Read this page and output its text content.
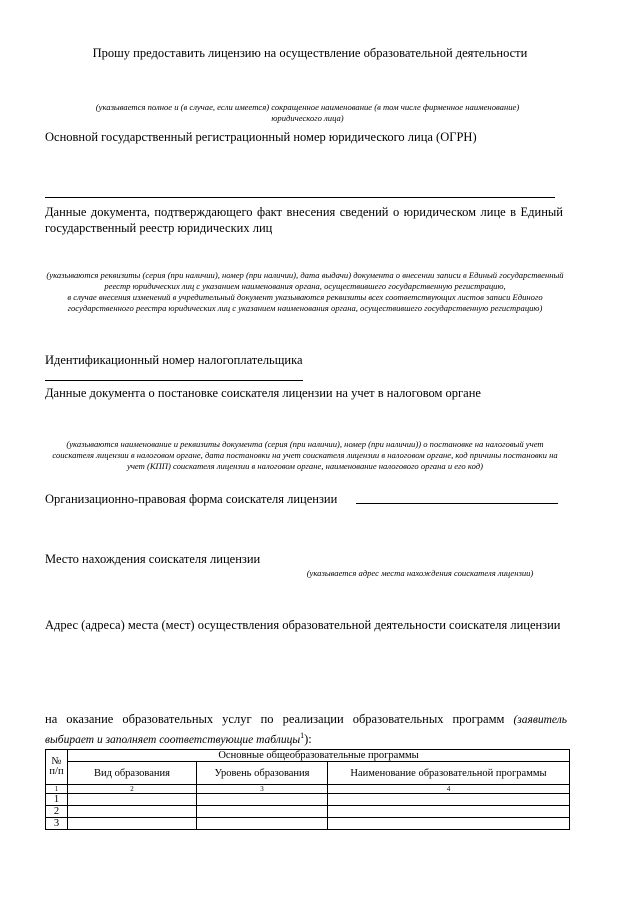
Прошу предоставить лицензию на осуществление образовательной деятельности
(указывается полное и (в случае, если имеется) сокращенное наименование (в том числе фирменное наименование) юридического лица)
Основной государственный регистрационный номер юридического лица (ОГРН)
Данные документа, подтверждающего факт внесения сведений о юридическом лице в Единый государственный реестр юридических лиц
(указываются реквизиты (серия (при наличии), номер (при наличии), дата выдачи) документа о внесении записи в Единый государственный реестр юридических лиц с указанием наименования органа, осуществившего государственную регистрацию,
в случае внесения изменений в учредительный документ указываются реквизиты всех соответствующих листов записи Единого государственного реестра юридических лиц с указанием наименования органа, осуществившего государственную регистрацию)
Идентификационный номер налогоплательщика
Данные документа о постановке соискателя лицензии на учет в налоговом органе
(указываются наименование и реквизиты документа (серия (при наличии), номер (при наличии)) о постановке на налоговый учет соискателя лицензии в налоговом органе, дата постановки на учет соискателя лицензии в налоговом органе, код причины постановки на учет (КПП) соискателя лицензии в налоговом органе, наименование налогового органа и его код)
Организационно-правовая форма соискателя лицензии
Место нахождения соискателя лицензии
(указывается адрес места нахождения соискателя лицензии)
Адрес (адреса) места (мест) осуществления образовательной деятельности соискателя лицензии
на оказание образовательных услуг по реализации образовательных программ (заявитель выбирает и заполняет соответствующие таблицы$^1$):
№
п/п	Основные общеобразовательные программы		
	Вид образования	Уровень образования	Наименование образовательной программы
1	2	3	4
1			
2			
3			
